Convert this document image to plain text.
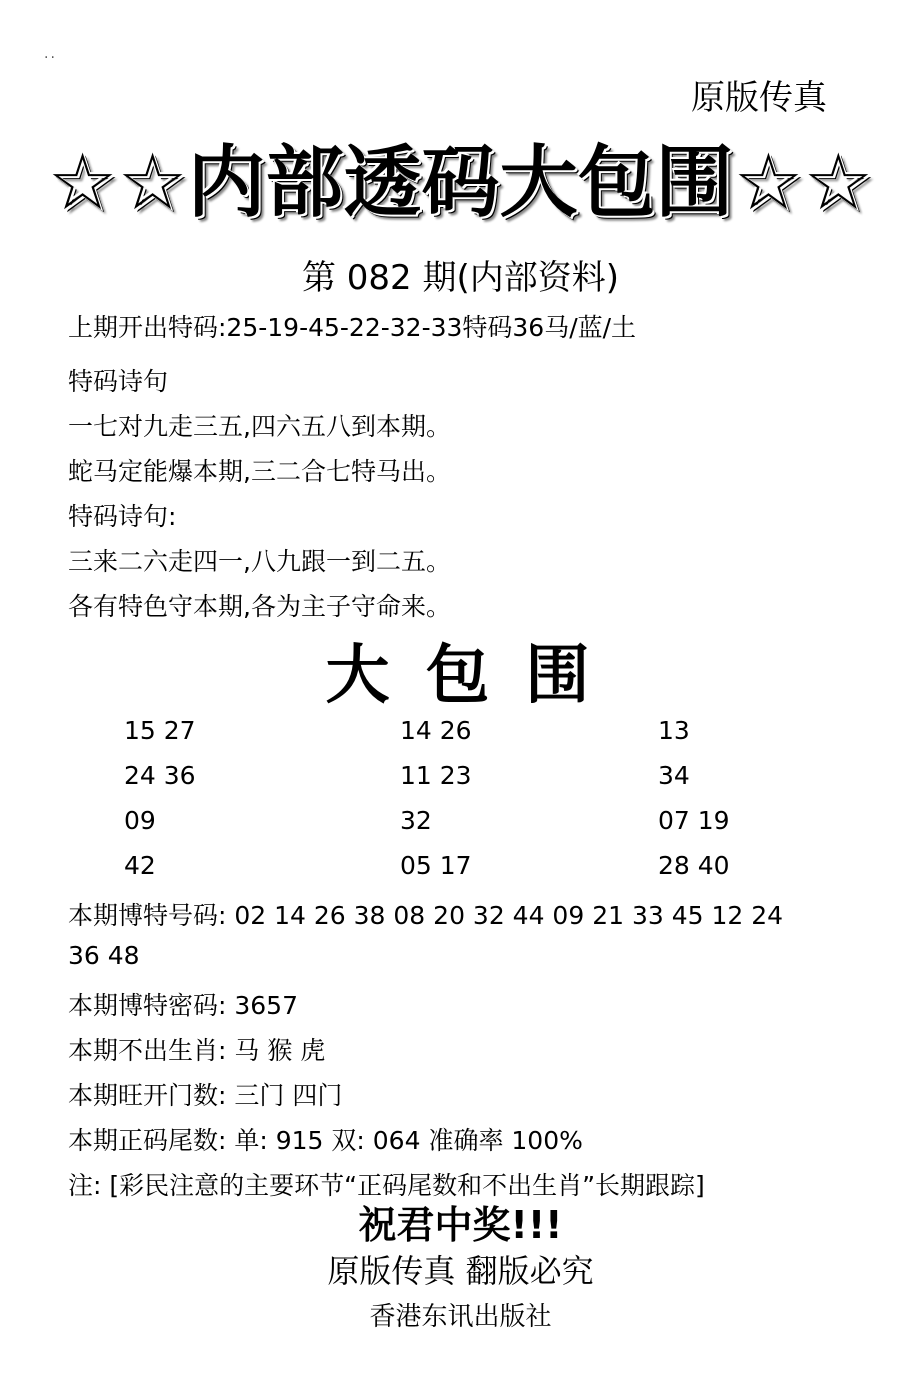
..
原版传真
☆☆内部透码大包围☆☆
第 082 期(内部资料)
上期开出特码:25-19-45-22-32-33特码36马/蓝/土
特码诗句
一七对九走三五,四六五八到本期。
蛇马定能爆本期,三二合七特马出。
特码诗句:
三来二六走四一,八九跟一到二五。
各有特色守本期,各为主子守命来。
大包围
15 27	14 26	13
24 36	11 23	34
09	32	07 19
42	05 17	28 40
本期博特号码: 02 14 26 38 08 20 32 44 09 21 33 45 12 24
36 48
本期博特密码: 3657
本期不出生肖: 马 猴 虎
本期旺开门数: 三门 四门
本期正码尾数: 单: 915 双: 064 准确率 100%
注: [彩民注意的主要环节“正码尾数和不出生肖”长期跟踪]
祝君中奖!!!
原版传真 翻版必究
香港东讯出版社
